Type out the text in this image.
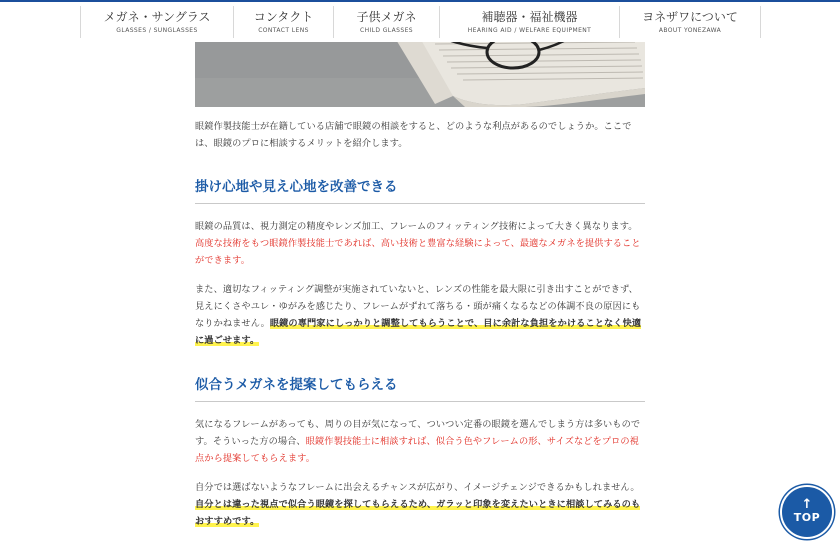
メガネ・サングラス
GLASSES / SUNGLASSES
コンタクト
CONTACT LENS
子供メガネ
CHILD GLASSES
補聴器・福祉機器
HEARING AID / WELFARE EQUIPMENT
ヨネザワについて
ABOUT YONEZAWA

眼鏡作製技能士が在籍している店舗で眼鏡の相談をすると、どのような利点があるのでしょうか。ここでは、眼鏡のプロに相談するメリットを紹介します。

掛け心地や見え心地を改善できる

眼鏡の品質は、視力測定の精度やレンズ加工、フレームのフィッティング技術によって大きく異なります。高度な技術をもつ眼鏡作製技能士であれば、高い技術と豊富な経験によって、最適なメガネを提供することができます。

また、適切なフィッティング調整が実施されていないと、レンズの性能を最大限に引き出すことができず、見えにくさやユレ・ゆがみを感じたり、フレームがずれて落ちる・頭が痛くなるなどの体調不良の原因にもなりかねません。眼鏡の専門家にしっかりと調整してもらうことで、目に余計な負担をかけることなく快適に過ごせます。

似合うメガネを提案してもらえる

気になるフレームがあっても、周りの目が気になって、ついつい定番の眼鏡を選んでしまう方は多いものです。そういった方の場合、眼鏡作製技能士に相談すれば、似合う色やフレームの形、サイズなどをプロの視点から提案してもらえます。

自分では選ばないようなフレームに出会えるチャンスが広がり、イメージチェンジできるかもしれません。自分とは違った視点で似合う眼鏡を探してもらえるため、ガラッと印象を変えたいときに相談してみるのもおすすめです。

↑
TOP
